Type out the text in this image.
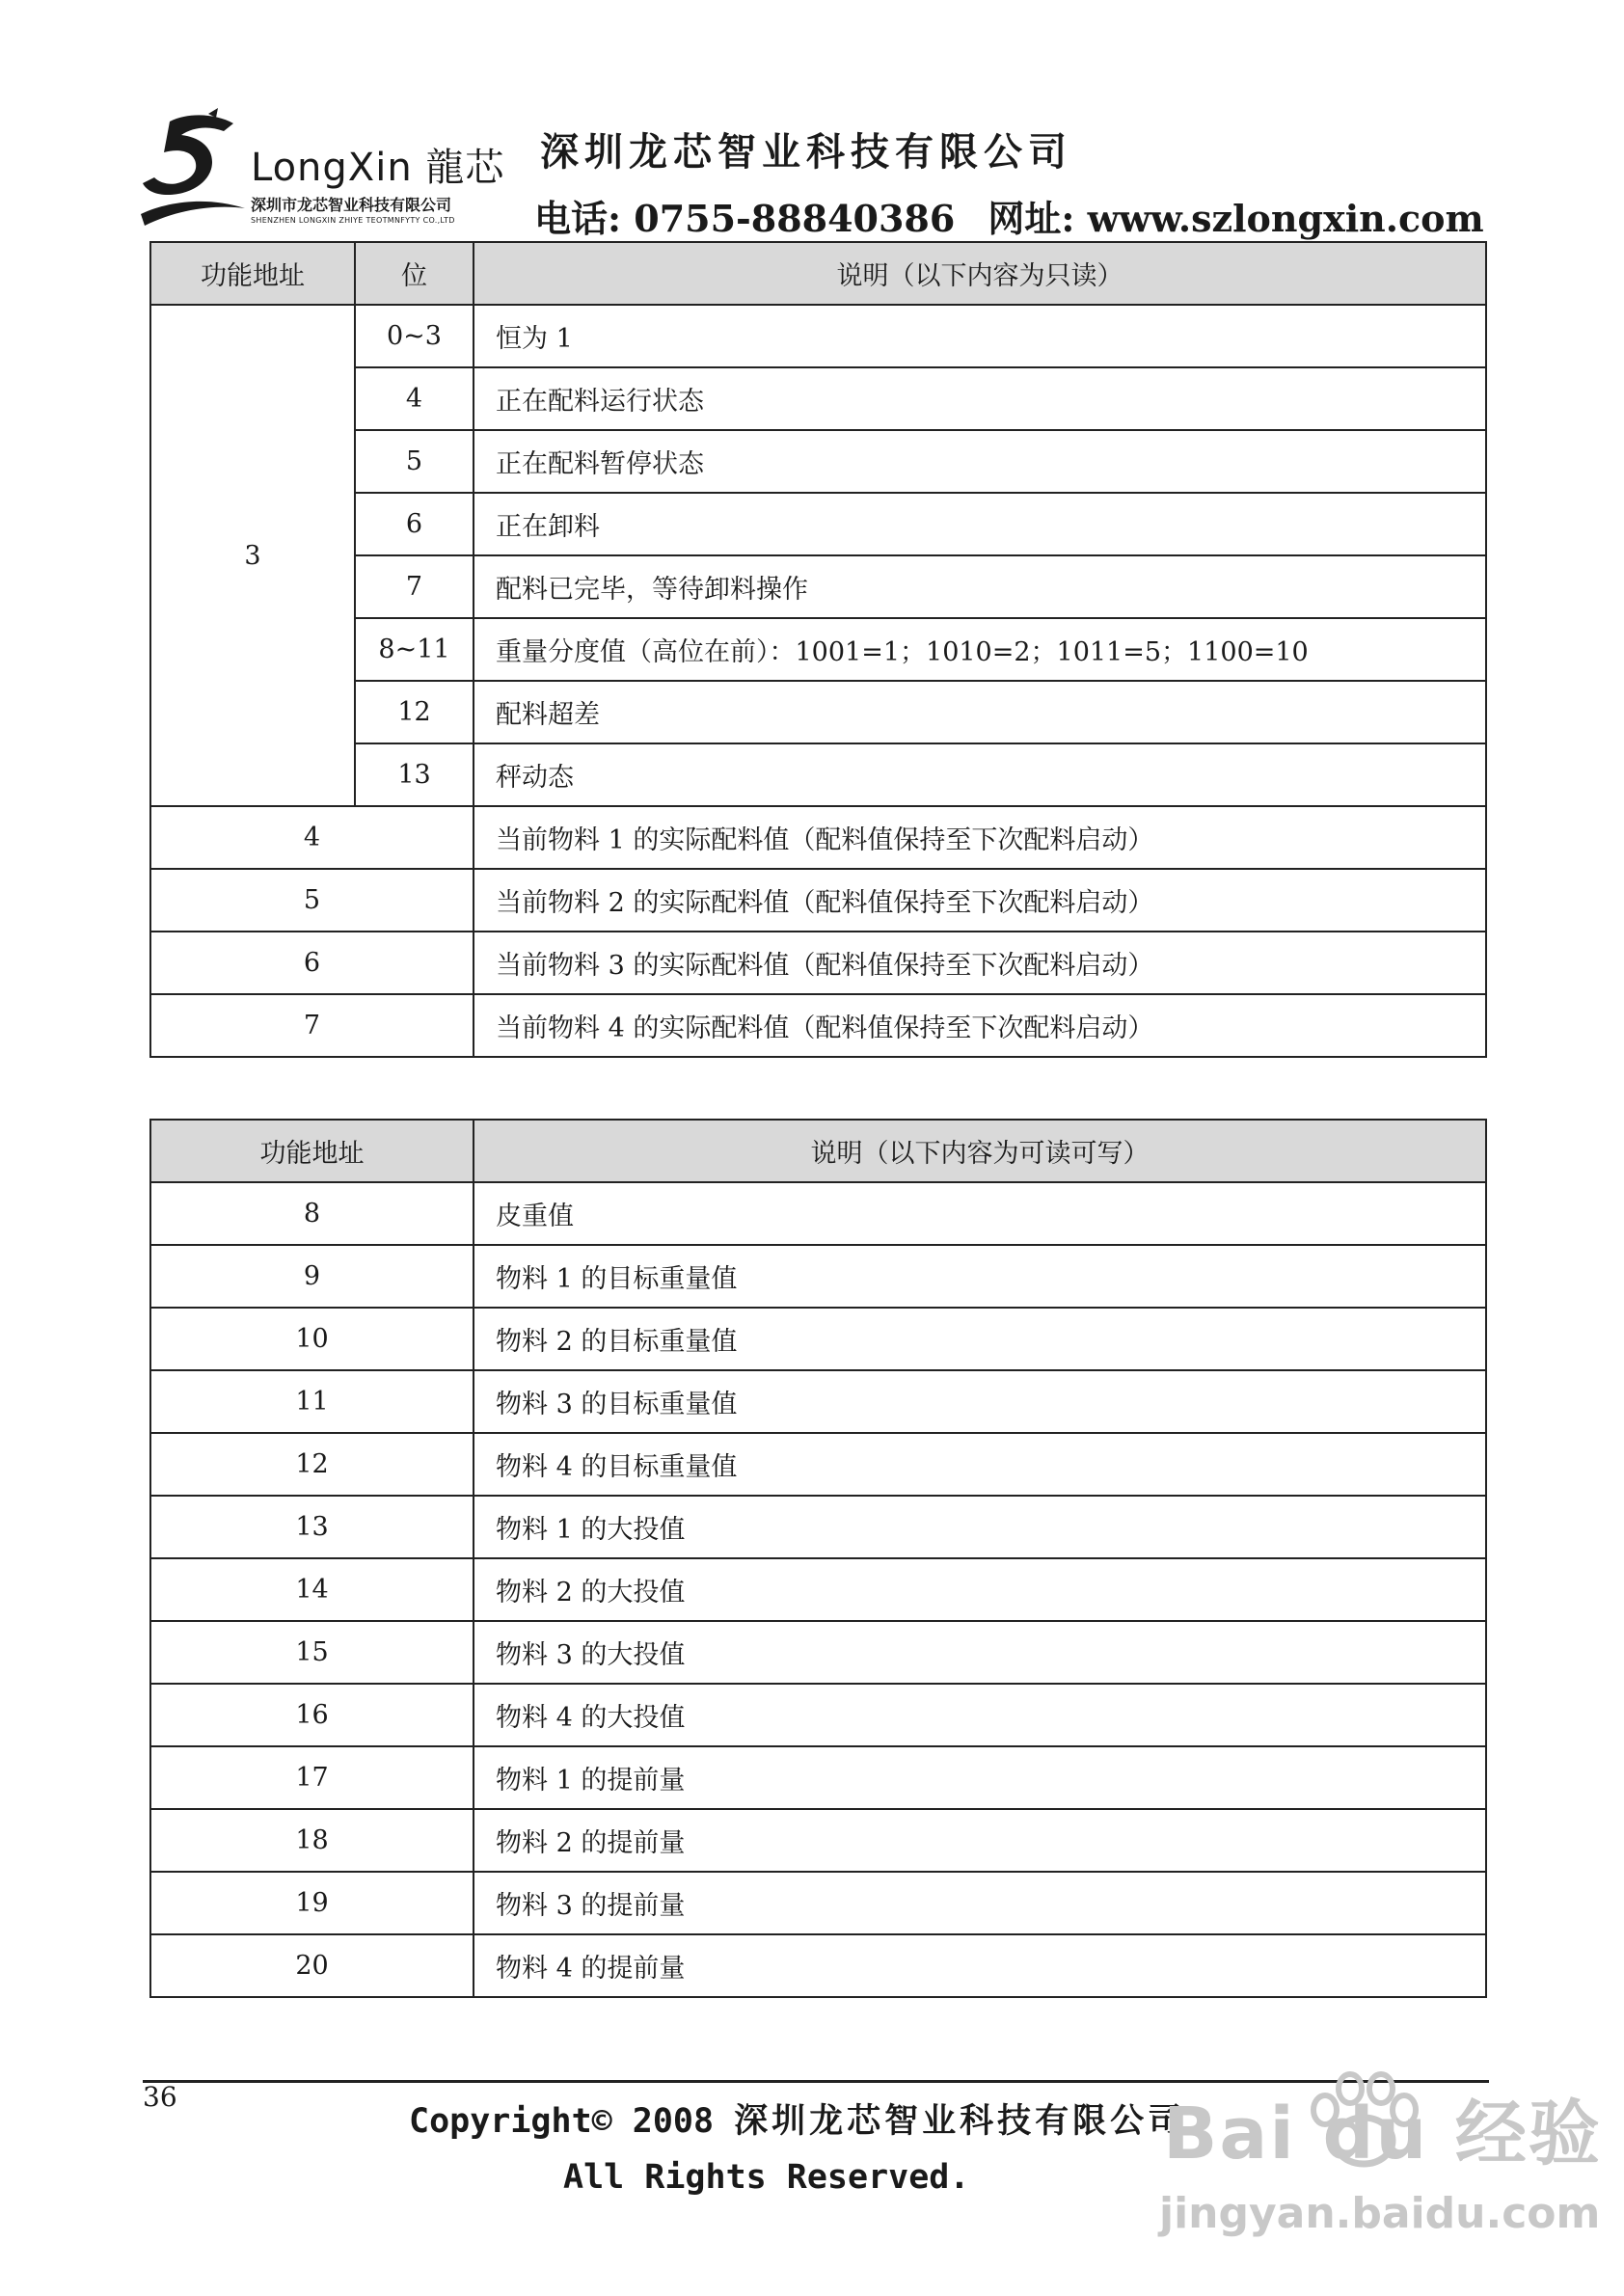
LongXin 龍芯
深圳市龙芯智业科技有限公司
SHENZHEN LONGXIN ZHIYE TEOTMNFYTY CO.,LTD
深圳龙芯智业科技有限公司
电话: 0755-88840386 网址: www.szlongxin.com
功能地址	位	说明（以下内容为只读）
3	0~3	恒为 1
	4	正在配料运行状态
	5	正在配料暂停状态
	6	正在卸料
	7	配料已完毕，等待卸料操作
	8~11	重量分度值（高位在前）：1001=1；1010=2；1011=5；1100=10
	12	配料超差
	13	秤动态
4		当前物料 1 的实际配料值（配料值保持至下次配料启动）
5		当前物料 2 的实际配料值（配料值保持至下次配料启动）
6		当前物料 3 的实际配料值（配料值保持至下次配料启动）
7		当前物料 4 的实际配料值（配料值保持至下次配料启动）
功能地址	说明（以下内容为可读可写）
8	皮重值
9	物料 1 的目标重量值
10	物料 2 的目标重量值
11	物料 3 的目标重量值
12	物料 4 的目标重量值
13	物料 1 的大投值
14	物料 2 的大投值
15	物料 3 的大投值
16	物料 4 的大投值
17	物料 1 的提前量
18	物料 2 的提前量
19	物料 3 的提前量
20	物料 4 的提前量
36
Copyright© 2008 深圳龙芯智业科技有限公司
All Rights Reserved.
Bai du 经验
jingyan.baidu.com
